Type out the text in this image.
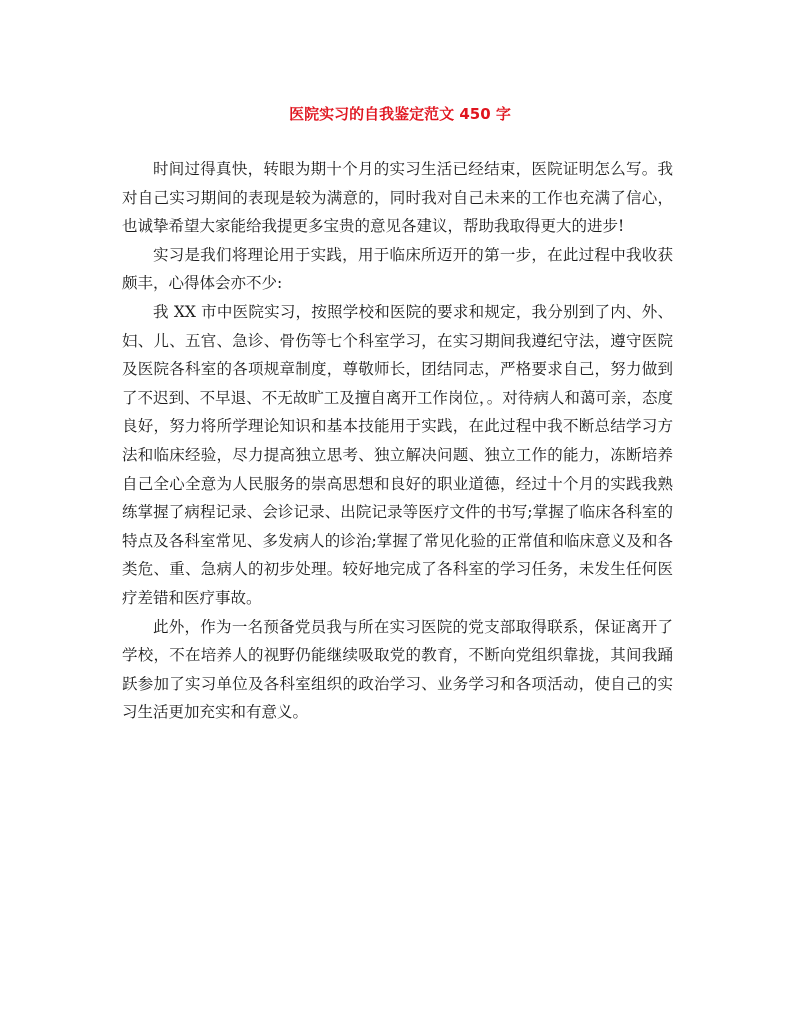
医院实习的自我鉴定范文 450 字

时间过得真快，转眼为期十个月的实习生活已经结束，医院证明怎么写。我对自己实习期间的表现是较为满意的，同时我对自己未来的工作也充满了信心，也诚挚希望大家能给我提更多宝贵的意见各建议，帮助我取得更大的进步!

实习是我们将理论用于实践，用于临床所迈开的第一步，在此过程中我收获颇丰，心得体会亦不少:

我 XX 市中医院实习，按照学校和医院的要求和规定，我分别到了内、外、妇、儿、五官、急诊、骨伤等七个科室学习，在实习期间我遵纪守法，遵守医院及医院各科室的各项规章制度，尊敬师长，团结同志，严格要求自己，努力做到了不迟到、不早退、不无故旷工及擅自离开工作岗位，。对待病人和蔼可亲，态度良好，努力将所学理论知识和基本技能用于实践，在此过程中我不断总结学习方法和临床经验，尽力提高独立思考、独立解决问题、独立工作的能力，冻断培养自己全心全意为人民服务的崇高思想和良好的职业道德，经过十个月的实践我熟练掌握了病程记录、会诊记录、出院记录等医疗文件的书写;掌握了临床各科室的特点及各科室常见、多发病人的诊治;掌握了常见化验的正常值和临床意义及和各类危、重、急病人的初步处理。较好地完成了各科室的学习任务，未发生任何医疗差错和医疗事故。

此外，作为一名预备党员我与所在实习医院的党支部取得联系，保证离开了学校，不在培养人的视野仍能继续吸取党的教育，不断向党组织靠拢，其间我踊跃参加了实习单位及各科室组织的政治学习、业务学习和各项活动，使自己的实习生活更加充实和有意义。
